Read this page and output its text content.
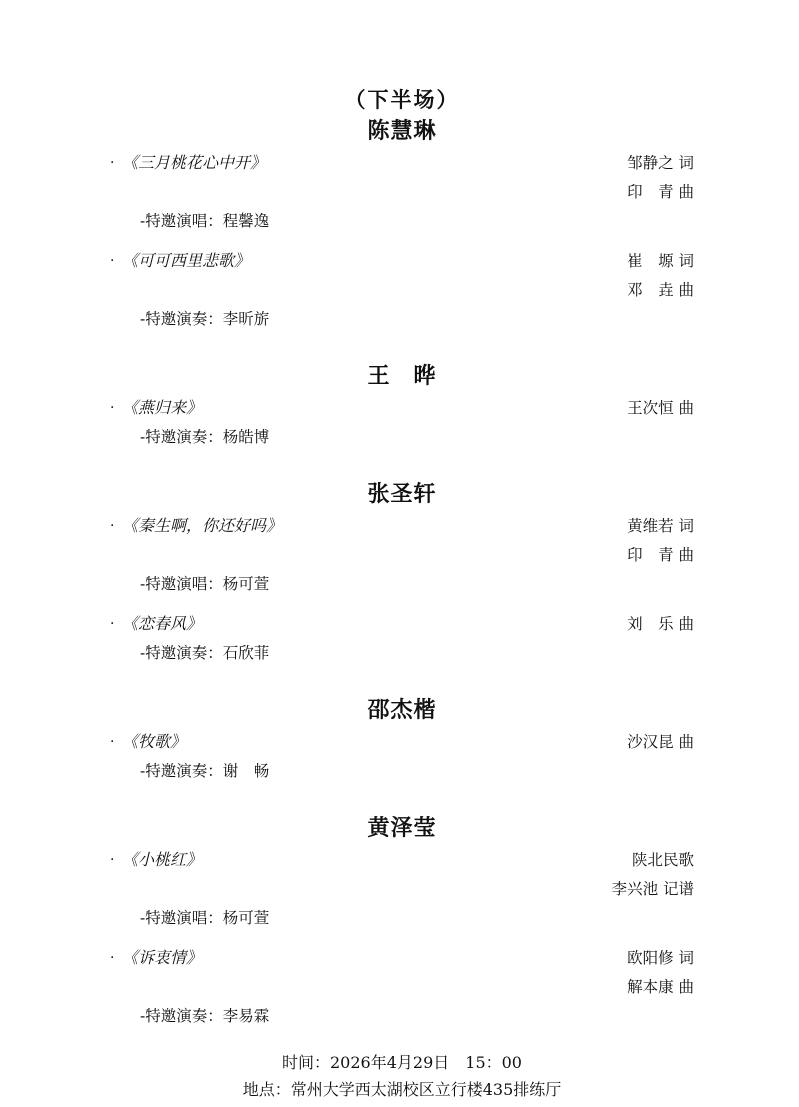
（下半场）
陈慧琳
· 《三月桃花心中开》	邹静之 词
印　青 曲
-特邀演唱：程馨逸
· 《可可西里悲歌》	崔　塬 词
邓　垚 曲
-特邀演奏：李昕旂
王　晔
· 《燕归来》	王次恒 曲
-特邀演奏：杨皓博
张圣轩
· 《秦生啊，你还好吗》	黄维若 词
印　青 曲
-特邀演唱：杨可萱
· 《恋春风》	刘　乐 曲
-特邀演奏：石欣菲
邵杰楷
· 《牧歌》	沙汉昆 曲
-特邀演奏：谢　畅
黄泽莹
· 《小桃红》	陕北民歌
李兴池 记谱
-特邀演唱：杨可萱
· 《诉衷情》	欧阳修 词
解本康 曲
-特邀演奏：李易霖
时间：2026年4月29日　15：00
地点：常州大学西太湖校区立行楼435排练厅
